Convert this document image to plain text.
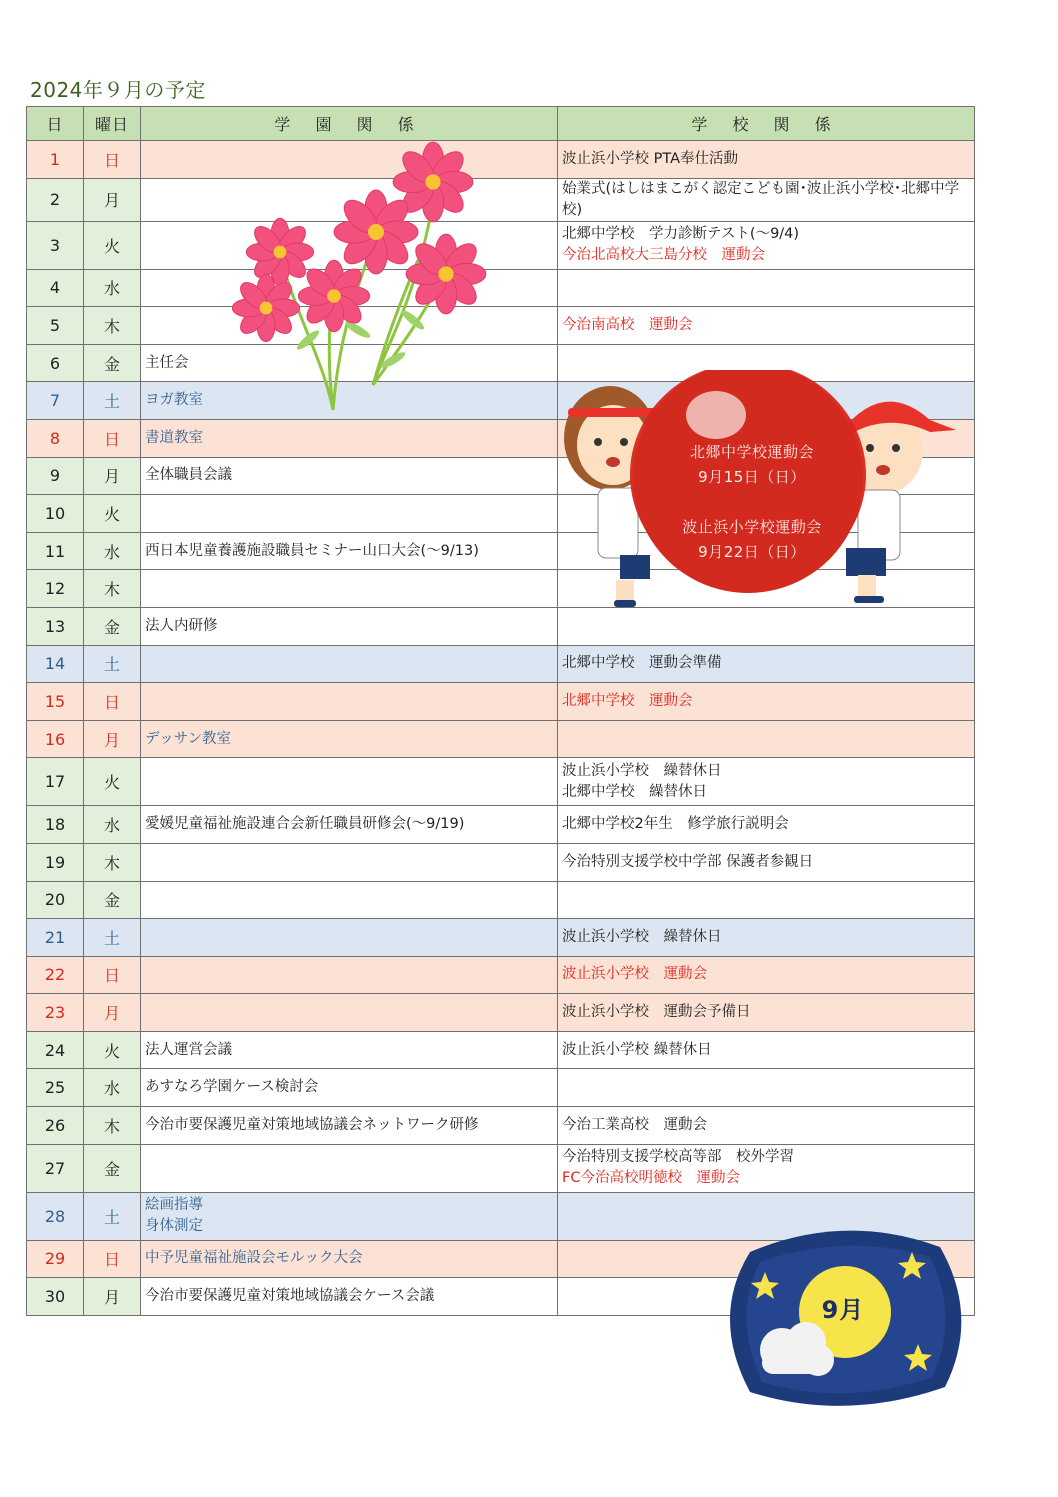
2024年９月の予定
日	曜日	学 園 関 係	学 校 関 係
1	日		波止浜小学校 PTA奉仕活動

2	月		始業式(はしはまこがく認定こども園･波止浜小学校･北郷中学校)

3	火		北郷中学校　学力診断テスト(～9/4)
今治北高校大三島分校　運動会

4	水		
5	木		今治南高校　運動会

6	金	主任会	

7	土	ヨガ教室	

8	日	書道教室	

9	月	全体職員会議	

10	火		
11	水	西日本児童養護施設職員セミナー山口大会(～9/13)	

12	木		
13	金	法人内研修	

14	土		北郷中学校　運動会準備

15	日		北郷中学校　運動会

16	月	デッサン教室	

17	火		波止浜小学校　繰替休日
北郷中学校　繰替休日

18	水	愛媛児童福祉施設連合会新任職員研修会(～9/19)	北郷中学校2年生　修学旅行説明会

19	木		今治特別支援学校中学部 保護者参観日

20	金		
21	土		波止浜小学校　繰替休日

22	日		波止浜小学校　運動会

23	月		波止浜小学校　運動会予備日

24	火	法人運営会議	波止浜小学校 繰替休日

25	水	あすなろ学園ケース検討会	

26	木	今治市要保護児童対策地域協議会ネットワーク研修	今治工業高校　運動会

27	金		今治特別支援学校高等部　校外学習
FC今治高校明徳校　運動会

28	土	絵画指導
身体測定	

29	日	中予児童福祉施設会モルック大会	

30	月	今治市要保護児童対策地域協議会ケース会議	

北郷中学校運動会
9月15日（日）
波止浜小学校運動会
9月22日（日）
9月
